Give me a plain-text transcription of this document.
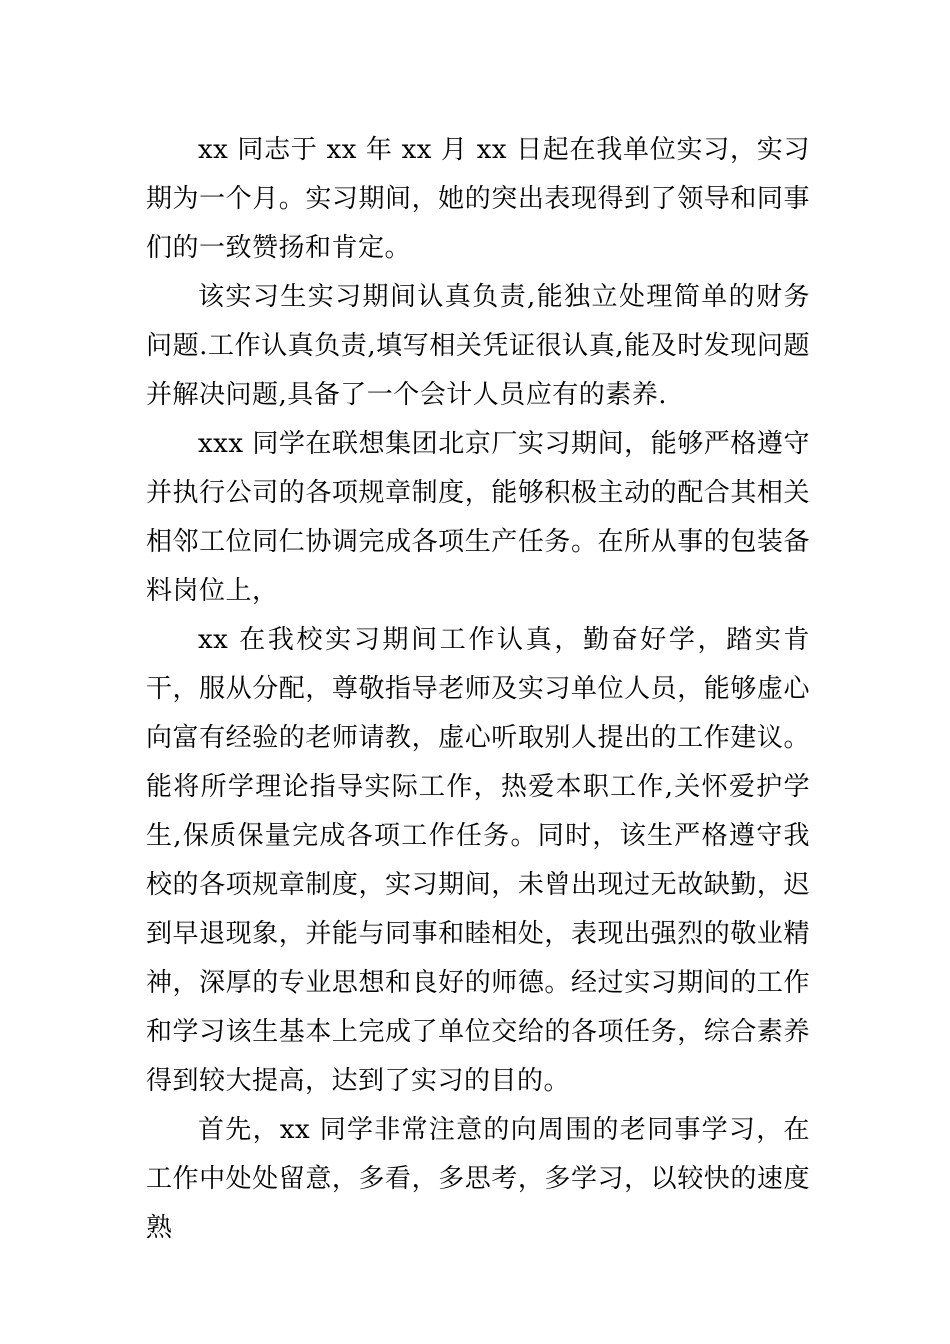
xx 同志于 xx 年 xx 月 xx 日起在我单位实习，实习期为一个月。实习期间，她的突出表现得到了领导和同事们的一致赞扬和肯定。

该实习生实习期间认真负责,能独立处理简单的财务问题.工作认真负责,填写相关凭证很认真,能及时发现问题并解决问题,具备了一个会计人员应有的素养.

xxx 同学在联想集团北京厂实习期间，能够严格遵守并执行公司的各项规章制度，能够积极主动的配合其相关相邻工位同仁协调完成各项生产任务。在所从事的包装备料岗位上，

xx 在我校实习期间工作认真，勤奋好学，踏实肯干，服从分配，尊敬指导老师及实习单位人员，能够虚心向富有经验的老师请教，虚心听取别人提出的工作建议。能将所学理论指导实际工作，热爱本职工作,关怀爱护学生,保质保量完成各项工作任务。同时，该生严格遵守我校的各项规章制度，实习期间，未曾出现过无故缺勤，迟到早退现象，并能与同事和睦相处，表现出强烈的敬业精神，深厚的专业思想和良好的师德。经过实习期间的工作和学习该生基本上完成了单位交给的各项任务，综合素养得到较大提高，达到了实习的目的。

首先，xx 同学非常注意的向周围的老同事学习，在工作中处处留意，多看，多思考，多学习，以较快的速度熟
